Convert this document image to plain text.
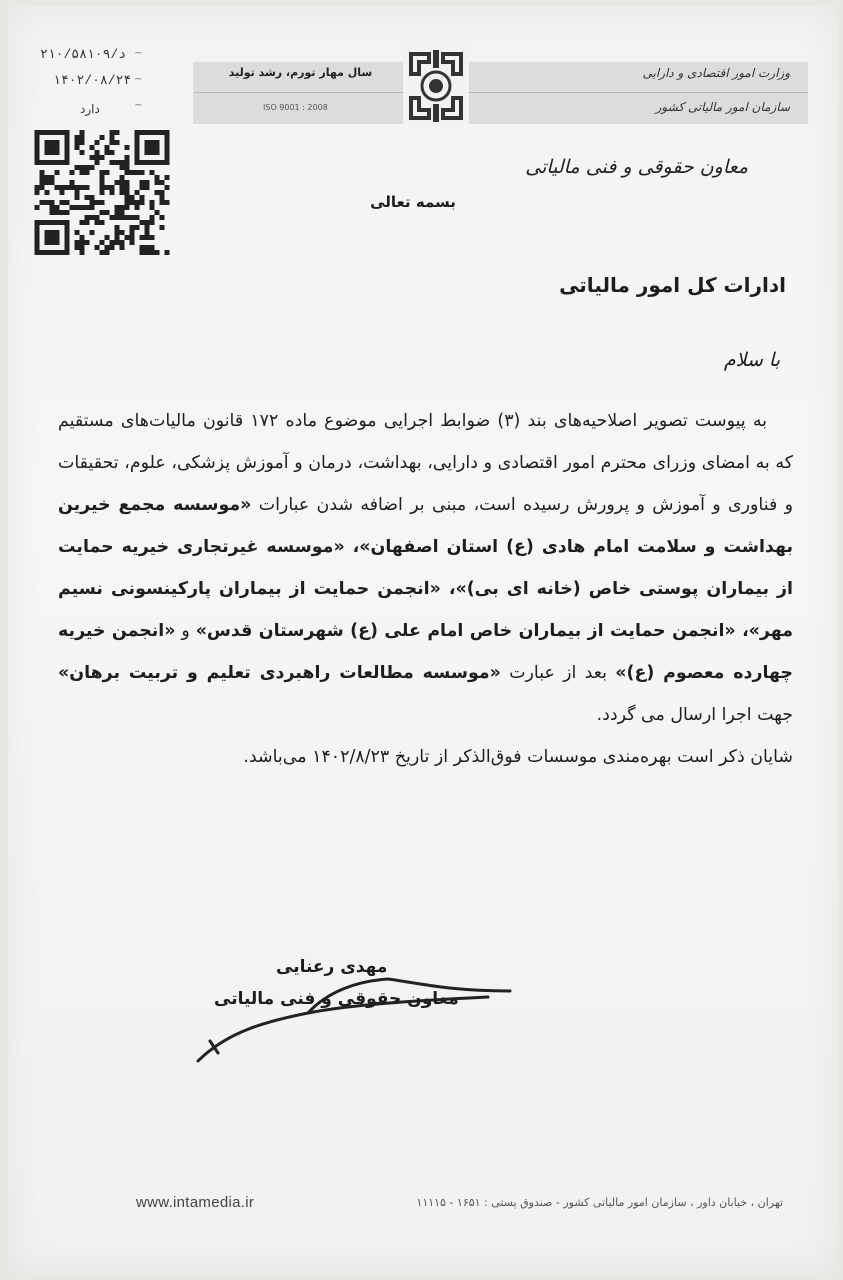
وزارت امور اقتصادی و دارایی
سازمان امور مالیاتی کشور
سال مهار تورم، رشد تولید
ISO 9001 : 2008
۲۱۰/۵۸۱۰۹/د
۱۴۰۲/۰۸/۲۴
دارد
∼
∼
∼
معاون حقوقی و فنی مالیاتی
بسمه تعالی
ادارات کل امور مالیاتی
با سلام

به پیوست تصویر اصلاحیه‌های بند (۳) ضوابط اجرایی موضوع ماده ۱۷۲ قانون مالیات‌های مستقیم که به امضای وزرای محترم امور اقتصادی و دارایی، بهداشت، درمان و آموزش پزشکی، علوم، تحقیقات و فناوری و آموزش و پرورش رسیده است، مبنی بر اضافه شدن عبارات «موسسه مجمع خیرین بهداشت و سلامت امام هادی (ع) استان اصفهان»، «موسسه غیرتجاری خیریه حمایت از بیماران پوستی خاص (خانه ای بی)»، «انجمن حمایت از بیماران پارکینسونی نسیم مهر»، «انجمن حمایت از بیماران خاص امام علی (ع) شهرستان قدس» و «انجمن خیریه چهارده معصوم (ع)» بعد از عبارت «موسسه مطالعات راهبردی تعلیم و تربیت برهان» جهت اجرا ارسال می گردد.

شایان ذکر است بهره‌مندی موسسات فوق‌الذکر از تاریخ ۱۴۰۲/۸/۲۳ می‌باشد.

مهدی رعنایی
معاون حقوقی و فنی مالیاتی
تهران ، خیابان داور ، سازمان امور مالیاتی کشور - صندوق پستی : ۱۶۵۱ - ۱۱۱۱۵
www.intamedia.ir
